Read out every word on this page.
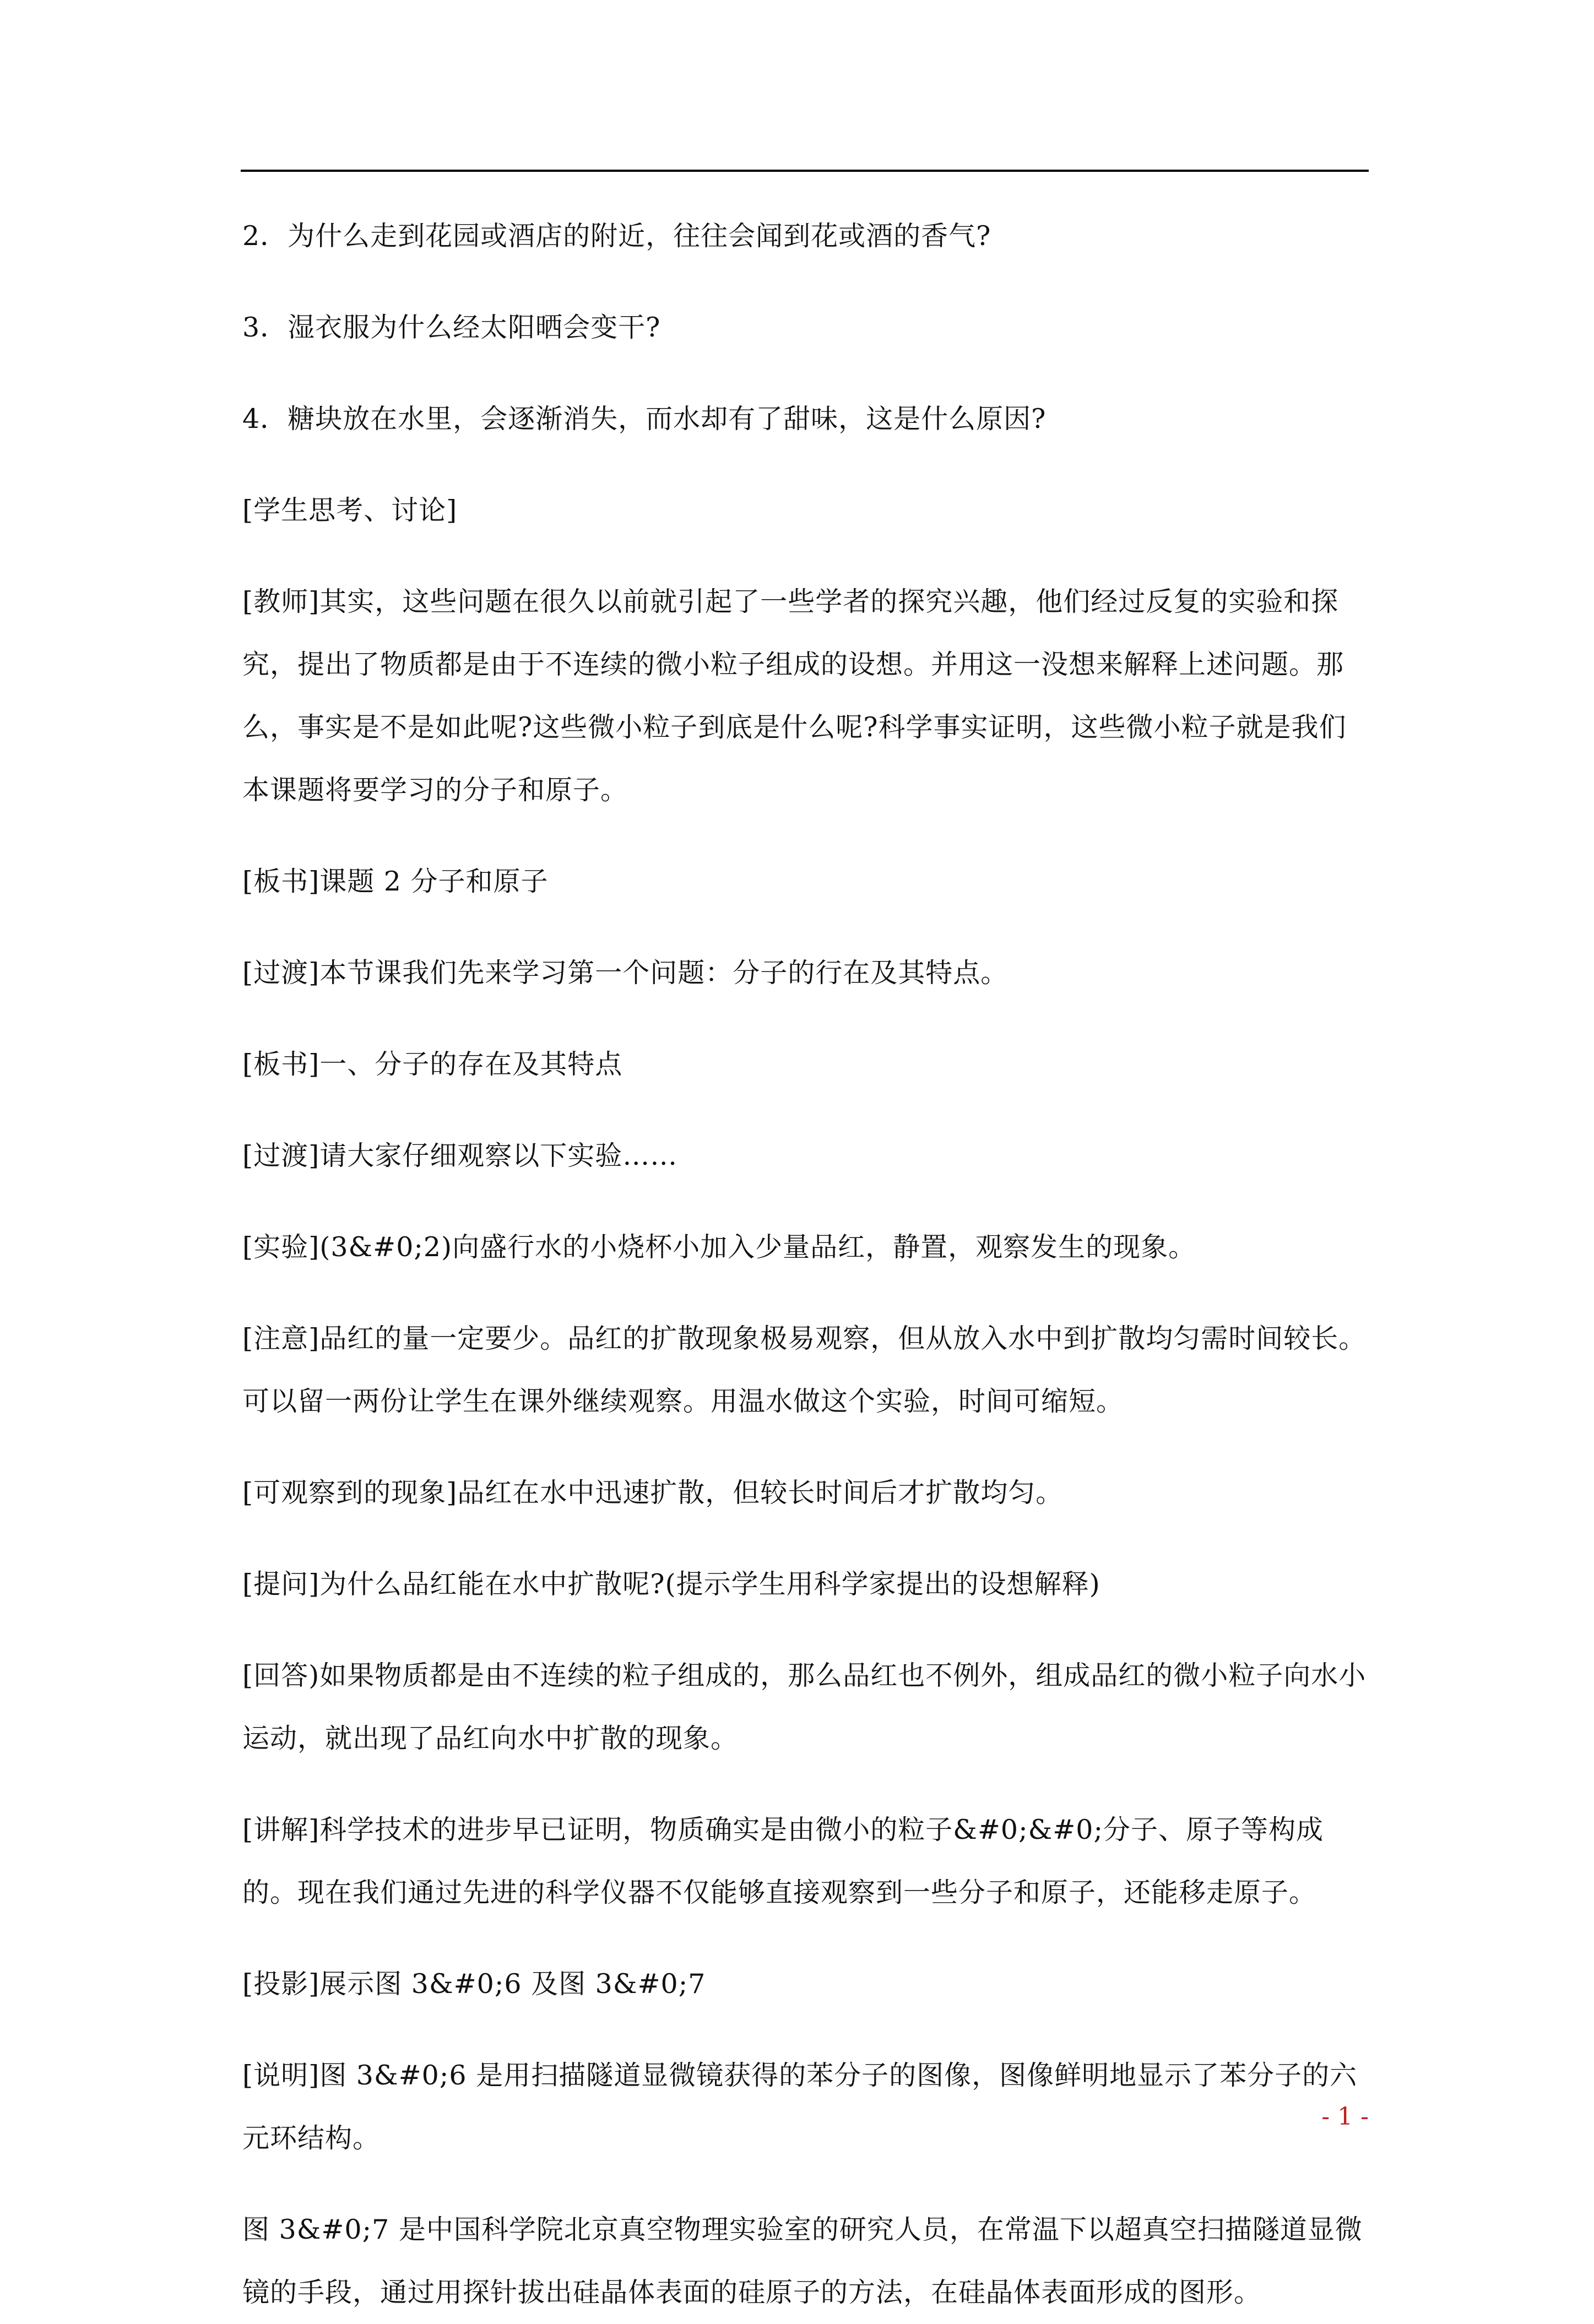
2．为什么走到花园或酒店的附近，往往会闻到花或酒的香气?

3．湿衣服为什么经太阳晒会变干?

4．糖块放在水里，会逐渐消失，而水却有了甜味，这是什么原因?

[学生思考、讨论]

[教师]其实，这些问题在很久以前就引起了一些学者的探究兴趣，他们经过反复的实验和探究，提出了物质都是由于不连续的微小粒子组成的设想。并用这一没想来解释上述问题。那么，事实是不是如此呢?这些微小粒子到底是什么呢?科学事实证明，这些微小粒子就是我们本课题将要学习的分子和原子。

[板书]课题 2 分子和原子

[过渡]本节课我们先来学习第一个问题：分子的行在及其特点。

[板书]一、分子的存在及其特点

[过渡]请大家仔细观察以下实验……

[实验](3&#0;2)向盛行水的小烧杯小加入少量品红，静置，观察发生的现象。

[注意]品红的量一定要少。品红的扩散现象极易观察，但从放入水中到扩散均匀需时间较长。可以留一两份让学生在课外继续观察。用温水做这个实验，时间可缩短。

[可观察到的现象]品红在水中迅速扩散，但较长时间后才扩散均匀。

[提问]为什么品红能在水中扩散呢?(提示学生用科学家提出的设想解释)

[回答)如果物质都是由不连续的粒子组成的，那么品红也不例外，组成品红的微小粒子向水小运动，就出现了品红向水中扩散的现象。

[讲解]科学技术的进步早已证明，物质确实是由微小的粒子&#0;&#0;分子、原子等构成的。现在我们通过先进的科学仪器不仅能够直接观察到一些分子和原子，还能移走原子。

[投影]展示图 3&#0;6 及图 3&#0;7

[说明]图 3&#0;6 是用扫描隧道显微镜获得的苯分子的图像，图像鲜明地显示了苯分子的六元环结构。

图 3&#0;7 是中国科学院北京真空物理实验室的研究人员，在常温下以超真空扫描隧道显微镜的手段，通过用探针拔出硅晶体表面的硅原子的方法，在硅晶体表面形成的图形。

- 1 -
